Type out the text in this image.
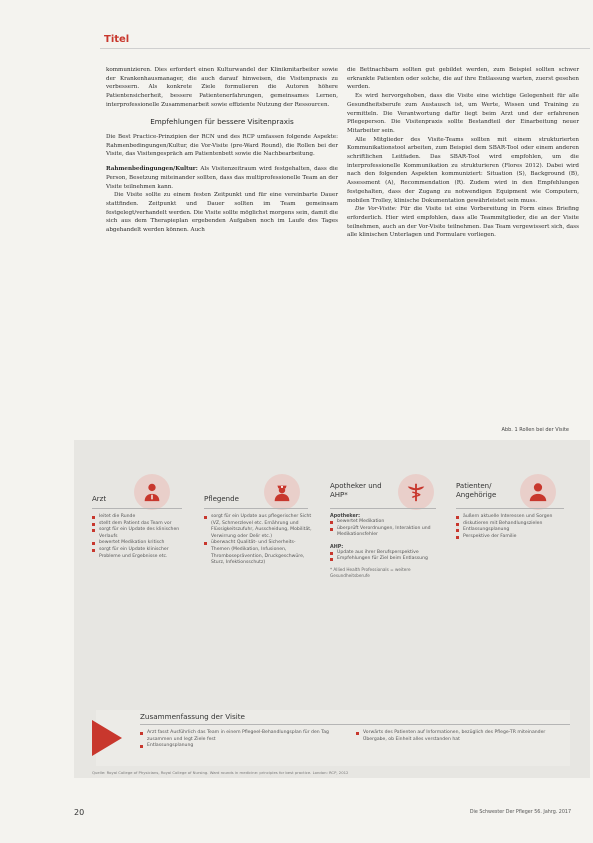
Titel

kommunizieren. Dies erfordert einen Kulturwandel der Klinikmitarbeiter sowie der Krankenhausmanager, die auch darauf hinweisen, die Visitenpraxis zu verbessern. Als konkrete Ziele formulieren die Autoren höhere Patientensicherheit, bessere Patientenerfahrungen, gemeinsames Lernen, interprofessionelle Zusammenarbeit sowie effiziente Nutzung der Ressourcen.

Empfehlungen für bessere Visitenpraxis

Die Best Practice-Prinzipien der RCN und des RCP umfassen folgende Aspekte: Rahmenbedingungen/Kultur, die Vor-Visite (pre-Ward Round), die Rollen bei der Visite, das Visitengespräch am Patientenbett sowie die Nachbearbeitung.

Rahmenbedingungen/Kultur: Als Visitenzeitraum wird festgehalten, dass die Person, Besetzung miteinander sollten, dass das multiprofessionelle Team an der Visite teilnehmen kann.

Die Visite sollte zu einem festen Zeitpunkt und für eine vereinbarte Dauer stattfinden. Zeitpunkt und Dauer sollten im Team gemeinsam festgelegt/verhandelt werden. Die Visite sollte möglichst morgens sein, damit die sich aus dem Therapieplan ergebenden Aufgaben noch im Laufe des Tages abgehandelt werden können. Auch

die Bettnachbarn sollten gut gebildet werden, zum Beispiel sollten schwer erkrankte Patienten oder solche, die auf ihre Entlassung warten, zuerst gesehen werden.

Es wird hervorgehoben, dass die Visite eine wichtige Gelegenheit für alle Gesundheitsberufe zum Austausch ist, um Werte, Wissen und Training zu vermitteln. Die Verantwortung dafür liegt beim Arzt und der erfahrenen Pflegeperson. Die Visitenpraxis sollte Bestandteil der Einarbeitung neuer Mitarbeiter sein.

Alle Mitglieder des Visite-Teams sollten mit einem strukturierten Kommunikationstool arbeiten, zum Beispiel dem SBAR-Tool oder einem anderen schriftlichen Leitfaden. Das SBAR-Tool wird empfohlen, um die interprofessionelle Kommunikation zu strukturieren (Flores 2012). Dabei wird nach den folgenden Aspekten kommuniziert: Situation (S), Background (B), Assessment (A), Recommendation (R). Zudem wird in den Empfehlungen festgehalten, dass der Zugang zu notwendigen Equipment wie Computern, mobilen Trolley, klinische Dokumentation gewährleistet sein muss.

Die Vor-Visite: Für die Visite ist eine Vorbereitung in Form eines Briefing erforderlich. Hier wird empfohlen, dass alle Teammitglieder, die an der Visite teilnehmen, auch an der Vor-Visite teilnehmen. Das Team vergewissert sich, dass alle klinischen Unterlagen und Formulare vorliegen.

Abb. 1 Rollen bei der Visite
Arzt
leitet die Runde
stellt dem Patient das Team vor
sorgt für ein Update des klinischen Verlaufs
bewertet Medikation kritisch
sorgt für ein Update klinischer Probleme und Ergebnisse etc.
Pflegende
sorgt für ein Update aus pflegerischer Sicht (VZ, Schmerzlevel etc. Ernährung und Flüssigkeitszufuhr, Ausscheidung, Mobilität, Verwirrung oder Delir etc.)
überwacht Qualität- und Sicherheits-Themen (Medikation, Infusionen, Thromboseprävention, Druckgeschwüre, Sturz, Infektionsschutz)
Apotheker und AHP*
Apotheker:
bewertet Medikation
überprüft Verordnungen, Interaktion und Medikationsfehler
AHP:
Update aus ihrer Berufsperspektive
Empfehlungen für Ziel beim Entlassung
* Allied Health Professionals = weitere Gesundheitsberufe
Patienten/ Angehörige
äußern aktuelle Interessen und Sorgen
diskutieren mit Behandlungszielen
Entlassungsplanung
Perspektive der Familie
Zusammenfassung der Visite
Arzt fasst Ausführlich das Team in einem Pflegeel-Behandlungsplan für den Tag zusammen und legt Ziele fest
Entlassungsplanung
Vorwärts des Patienten auf Informationen, bezüglich des Pflege-TR miteinander Übergabe, ob Einheit alles verstanden hat
Quelle: Royal College of Physicians, Royal College of Nursing. Ward rounds in medicine: principles for best practice. London: RCP, 2012
20	Die Schwester Der Pfleger 56. Jahrg. 2017
